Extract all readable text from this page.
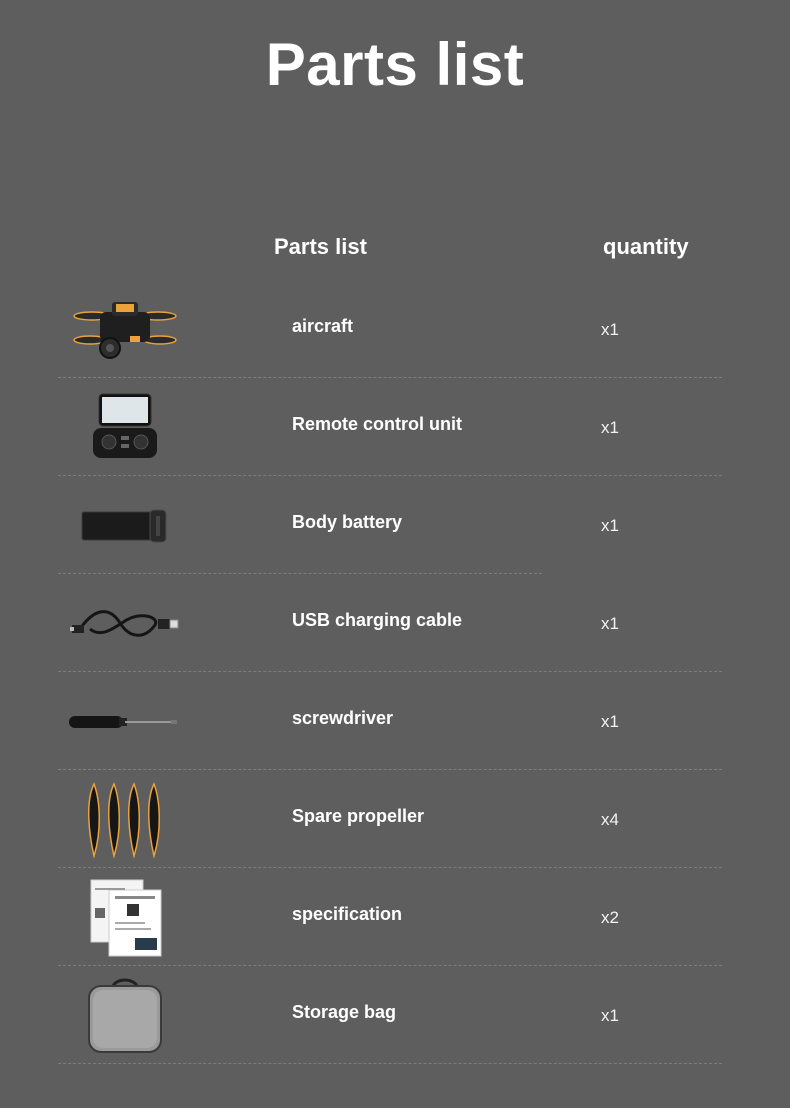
Parts list
Parts list	quantity
aircraft	x1
Remote control unit	x1
Body battery	x1
USB charging cable	x1
screwdriver	x1
Spare propeller	x4
specification	x2
Storage bag	x1
